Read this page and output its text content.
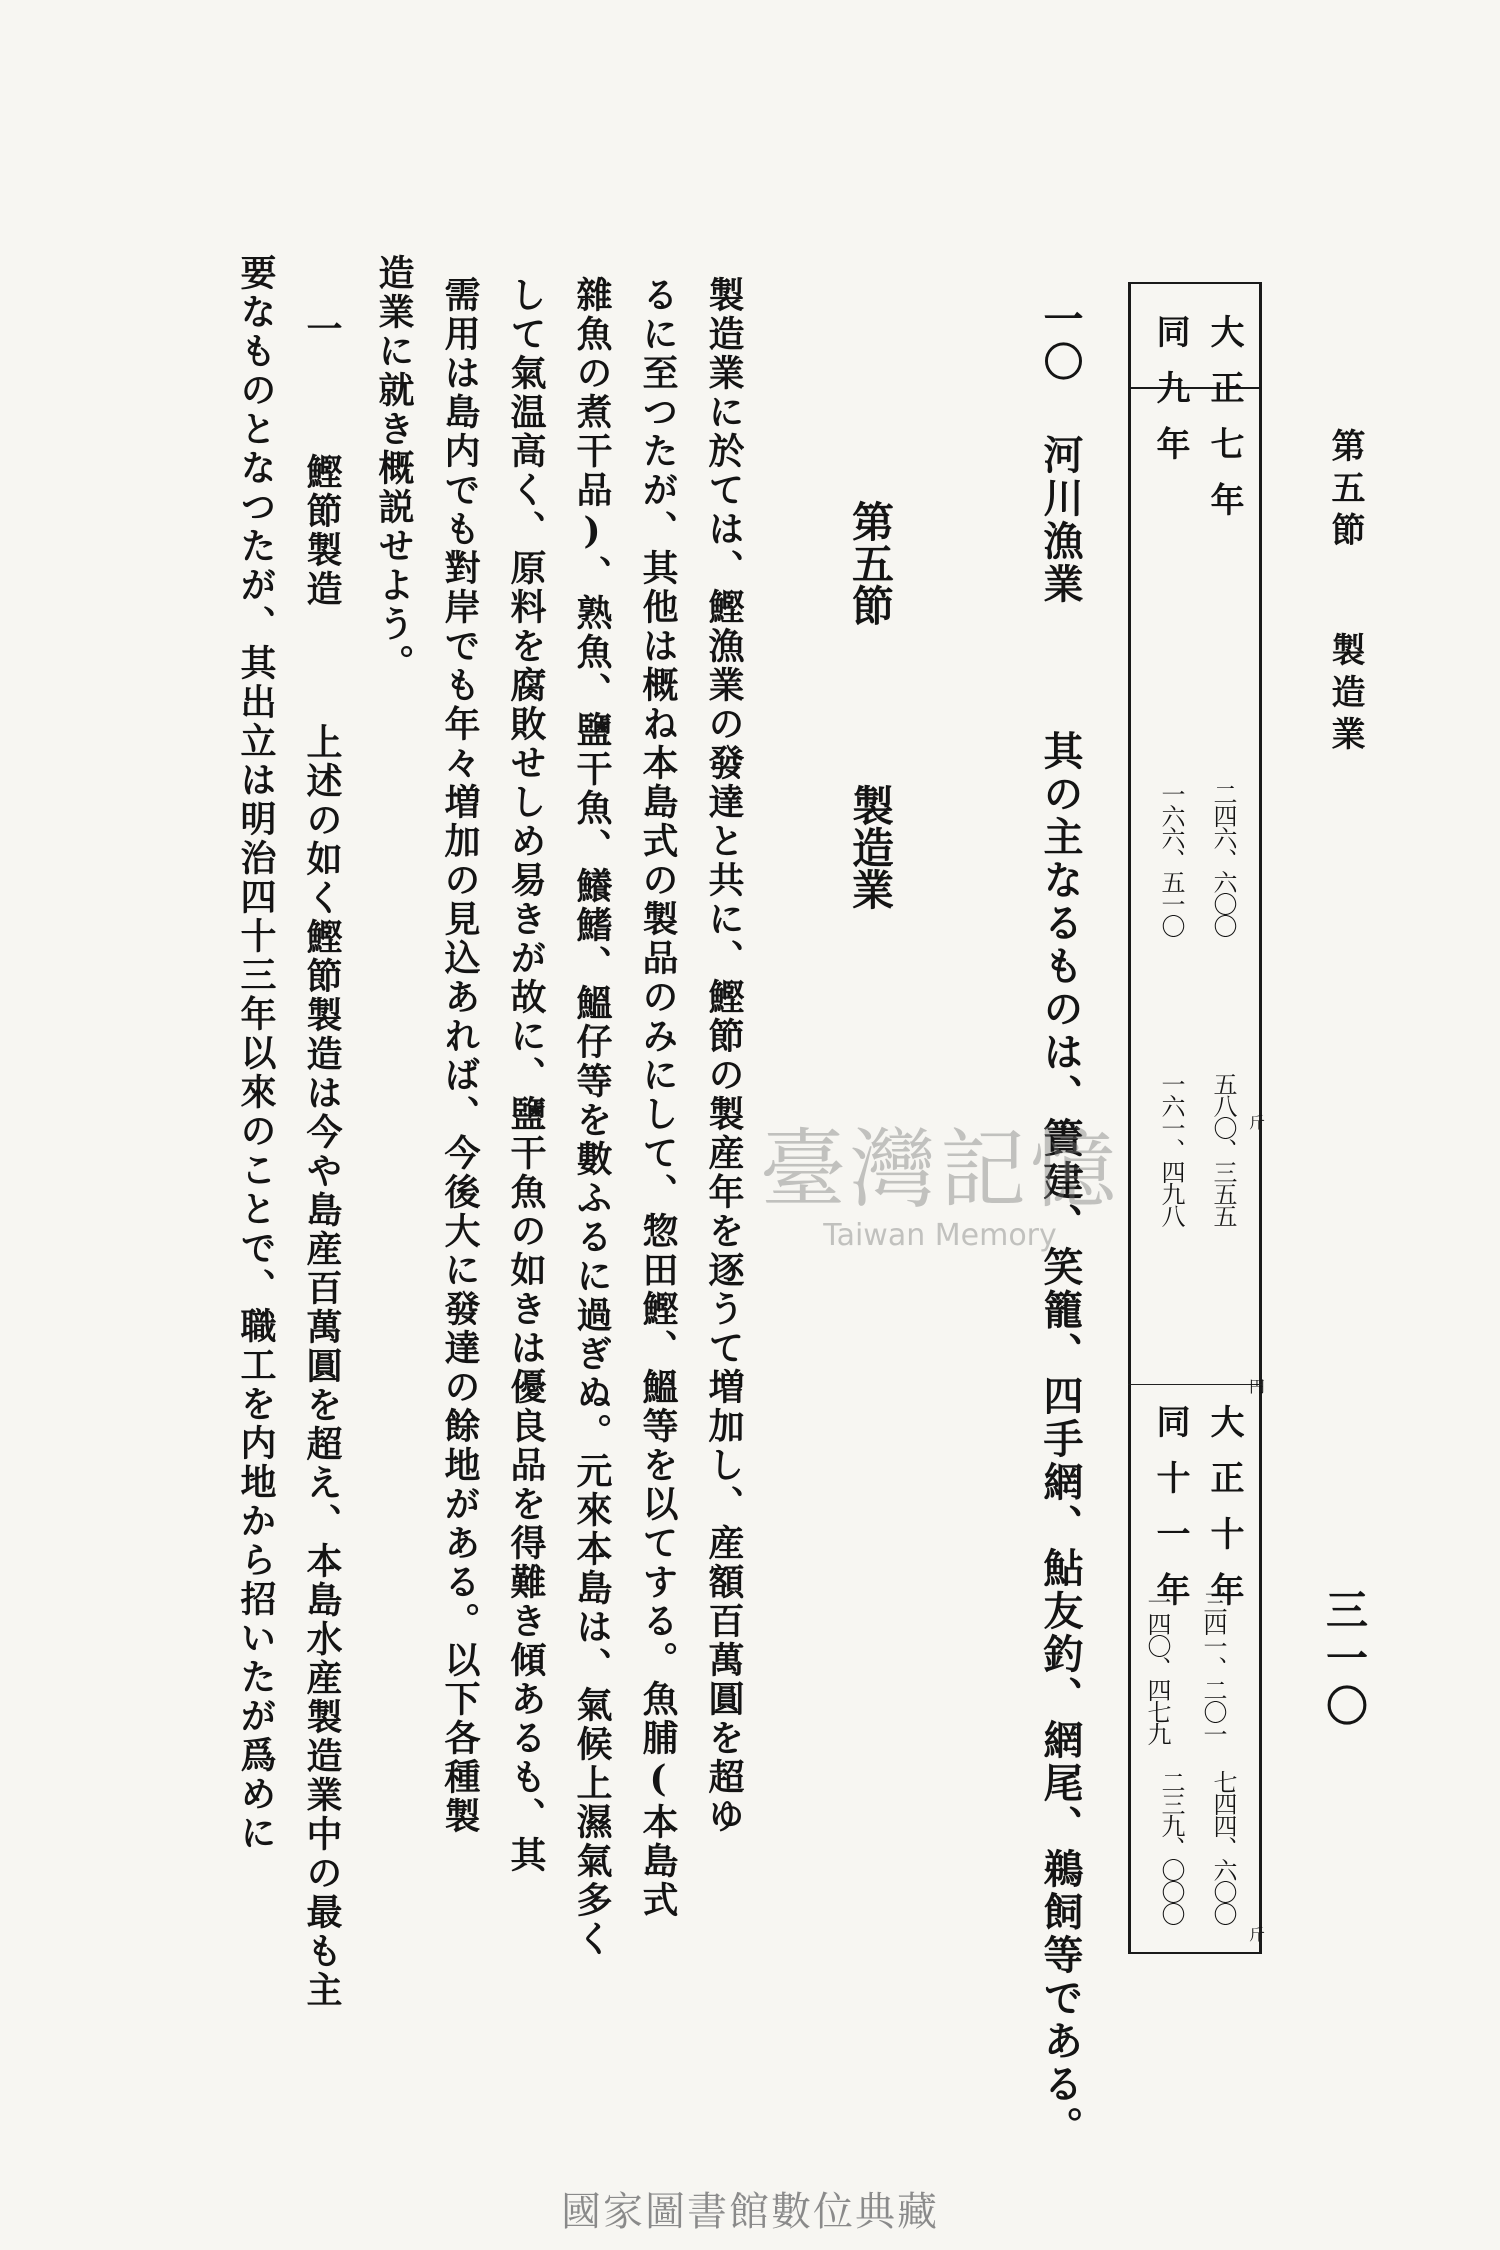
第五節 製造業
三一〇
大正七年
同九年
二四六、六〇〇
一六六、五一〇
斤
五八〇、三五五
一六一、四九八
円
大正十年
同十一年
七四四、六〇〇
二三九、〇〇〇
斤
一四〇、四七九 三四一、二〇一
一〇 河川漁業  其の主なるものは、簀建、笑籠、四手網、鮎友釣、網尾、鵜飼等である。
第五節  製造業
製造業に於ては、鰹漁業の發達と共に、鰹節の製産年を逐うて増加し、産額百萬圓を超ゆ
るに至つたが、其他は概ね本島式の製品のみにして、惣田鰹、鰮等を以てする。魚脯(本島式
雜魚の煮干品)、熟魚、鹽干魚、鱶鰭、鰮仔等を數ふるに過ぎぬ。元來本島は、氣候上濕氣多く
して氣温高く、原料を腐敗せしめ易きが故に、鹽干魚の如きは優良品を得難き傾あるも、其
需用は島内でも對岸でも年々増加の見込あれば、今後大に發達の餘地がある。以下各種製
造業に就き概説せよう。
一  鰹節製造  上述の如く鰹節製造は今や島産百萬圓を超え、本島水産製造業中の最も主
要なものとなつたが、其出立は明治四十三年以來のことで、職工を内地から招いたが爲めに	臺灣記憶
Taiwan Memory
國家圖書館數位典藏
